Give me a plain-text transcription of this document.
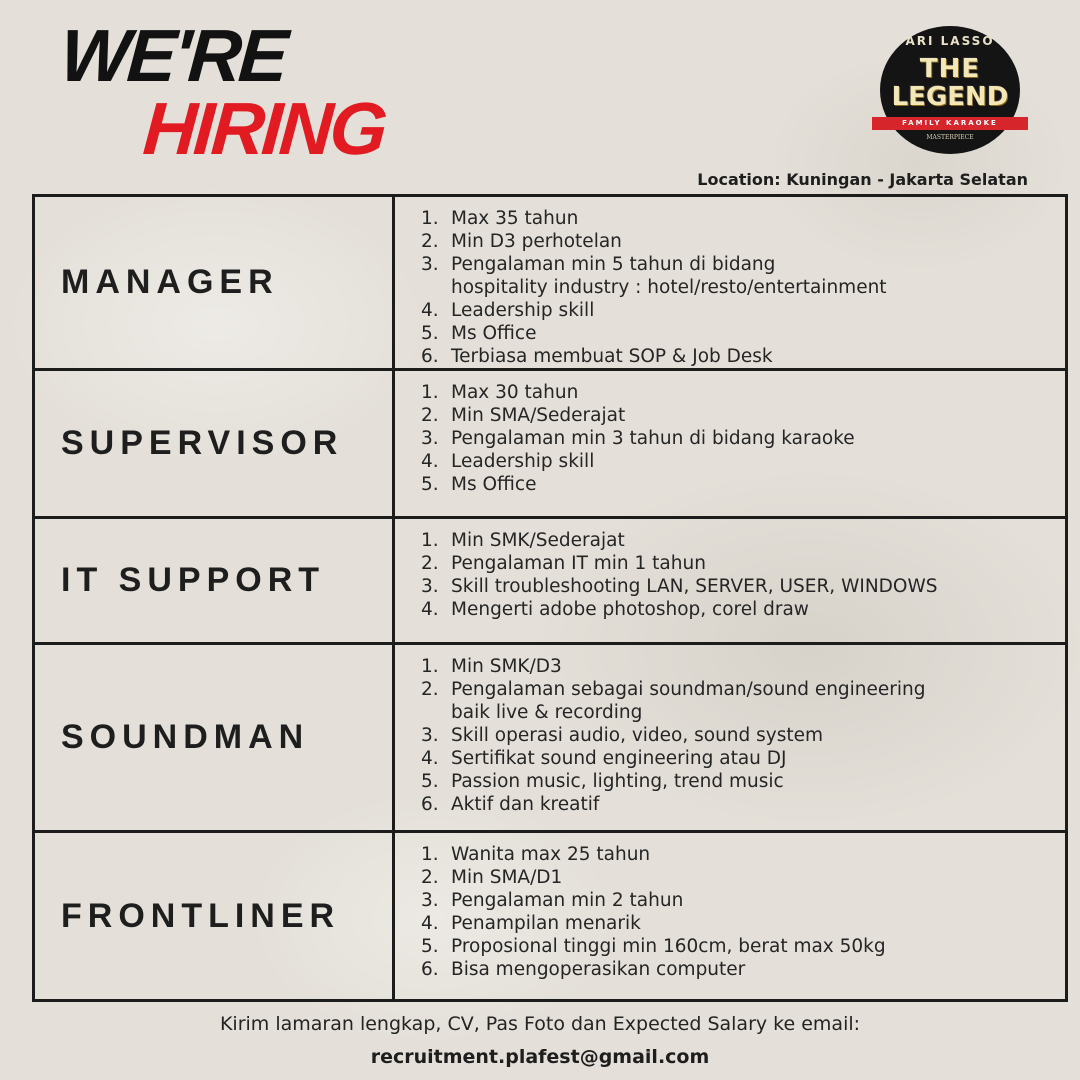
WE'RE
HIRING
ARI LASSO
THE
LEGEND
FAMILY KARAOKE
MASTERPIECE
Location: Kuningan - Jakarta Selatan
MANAGER
1. Max 35 tahun
2. Min D3 perhotelan
3. Pengalaman min 5 tahun di bidang
hospitality industry : hotel/resto/entertainment
4. Leadership skill
5. Ms Office
6. Terbiasa membuat SOP & Job Desk
SUPERVISOR
1. Max 30 tahun
2. Min SMA/Sederajat
3. Pengalaman min 3 tahun di bidang karaoke
4. Leadership skill
5. Ms Office
IT SUPPORT
1. Min SMK/Sederajat
2. Pengalaman IT min 1 tahun
3. Skill troubleshooting LAN, SERVER, USER, WINDOWS
4. Mengerti adobe photoshop, corel draw
SOUNDMAN
1. Min SMK/D3
2. Pengalaman sebagai soundman/sound engineering
baik live & recording
3. Skill operasi audio, video, sound system
4. Sertifikat sound engineering atau DJ
5. Passion music, lighting, trend music
6. Aktif dan kreatif
FRONTLINER
1. Wanita max 25 tahun
2. Min SMA/D1
3. Pengalaman min 2 tahun
4. Penampilan menarik
5. Proposional tinggi min 160cm, berat max 50kg
6. Bisa mengoperasikan computer
Kirim lamaran lengkap, CV, Pas Foto dan Expected Salary ke email:
recruitment.plafest@gmail.com
